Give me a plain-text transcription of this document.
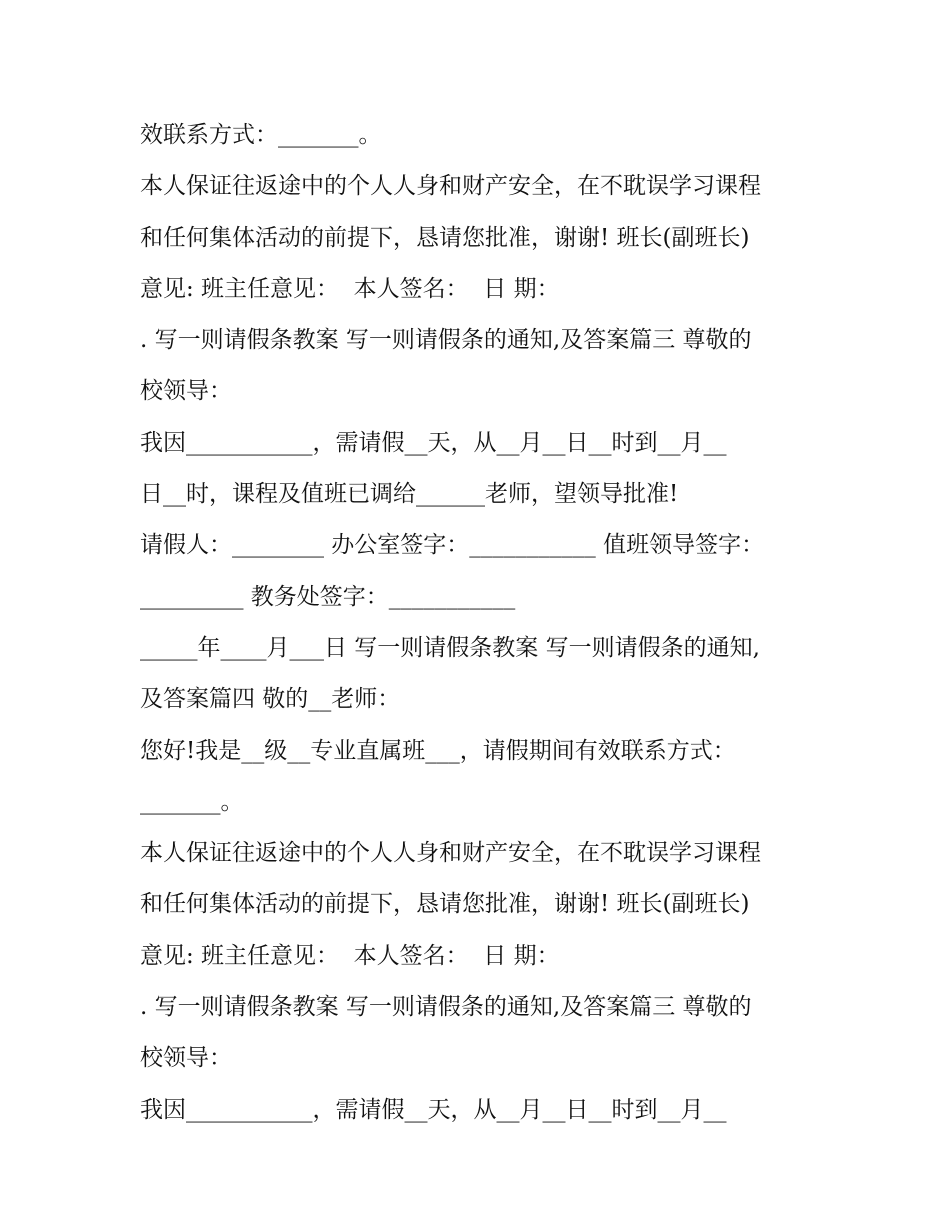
效联系方式：_______。
本人保证往返途中的个人人身和财产安全，在不耽误学习课程
和任何集体活动的前提下，恳请您批准，谢谢! 班长(副班长)
意见: 班主任意见：  本人签名：  日 期：
. 写一则请假条教案 写一则请假条的通知,及答案篇三 尊敬的
校领导：
我因___________，需请假__天，从__月__日__时到__月__
日__时，课程及值班已调给______老师，望领导批准!
请假人：________ 办公室签字：___________ 值班领导签字：
_________ 教务处签字：___________
_____年____月___日 写一则请假条教案 写一则请假条的通知,
及答案篇四 敬的__老师：
您好!我是__级__专业直属班___，请假期间有效联系方式：
_______。
本人保证往返途中的个人人身和财产安全，在不耽误学习课程
和任何集体活动的前提下，恳请您批准，谢谢! 班长(副班长)
意见: 班主任意见：  本人签名：  日 期：
. 写一则请假条教案 写一则请假条的通知,及答案篇三 尊敬的
校领导：
我因___________，需请假__天，从__月__日__时到__月__
